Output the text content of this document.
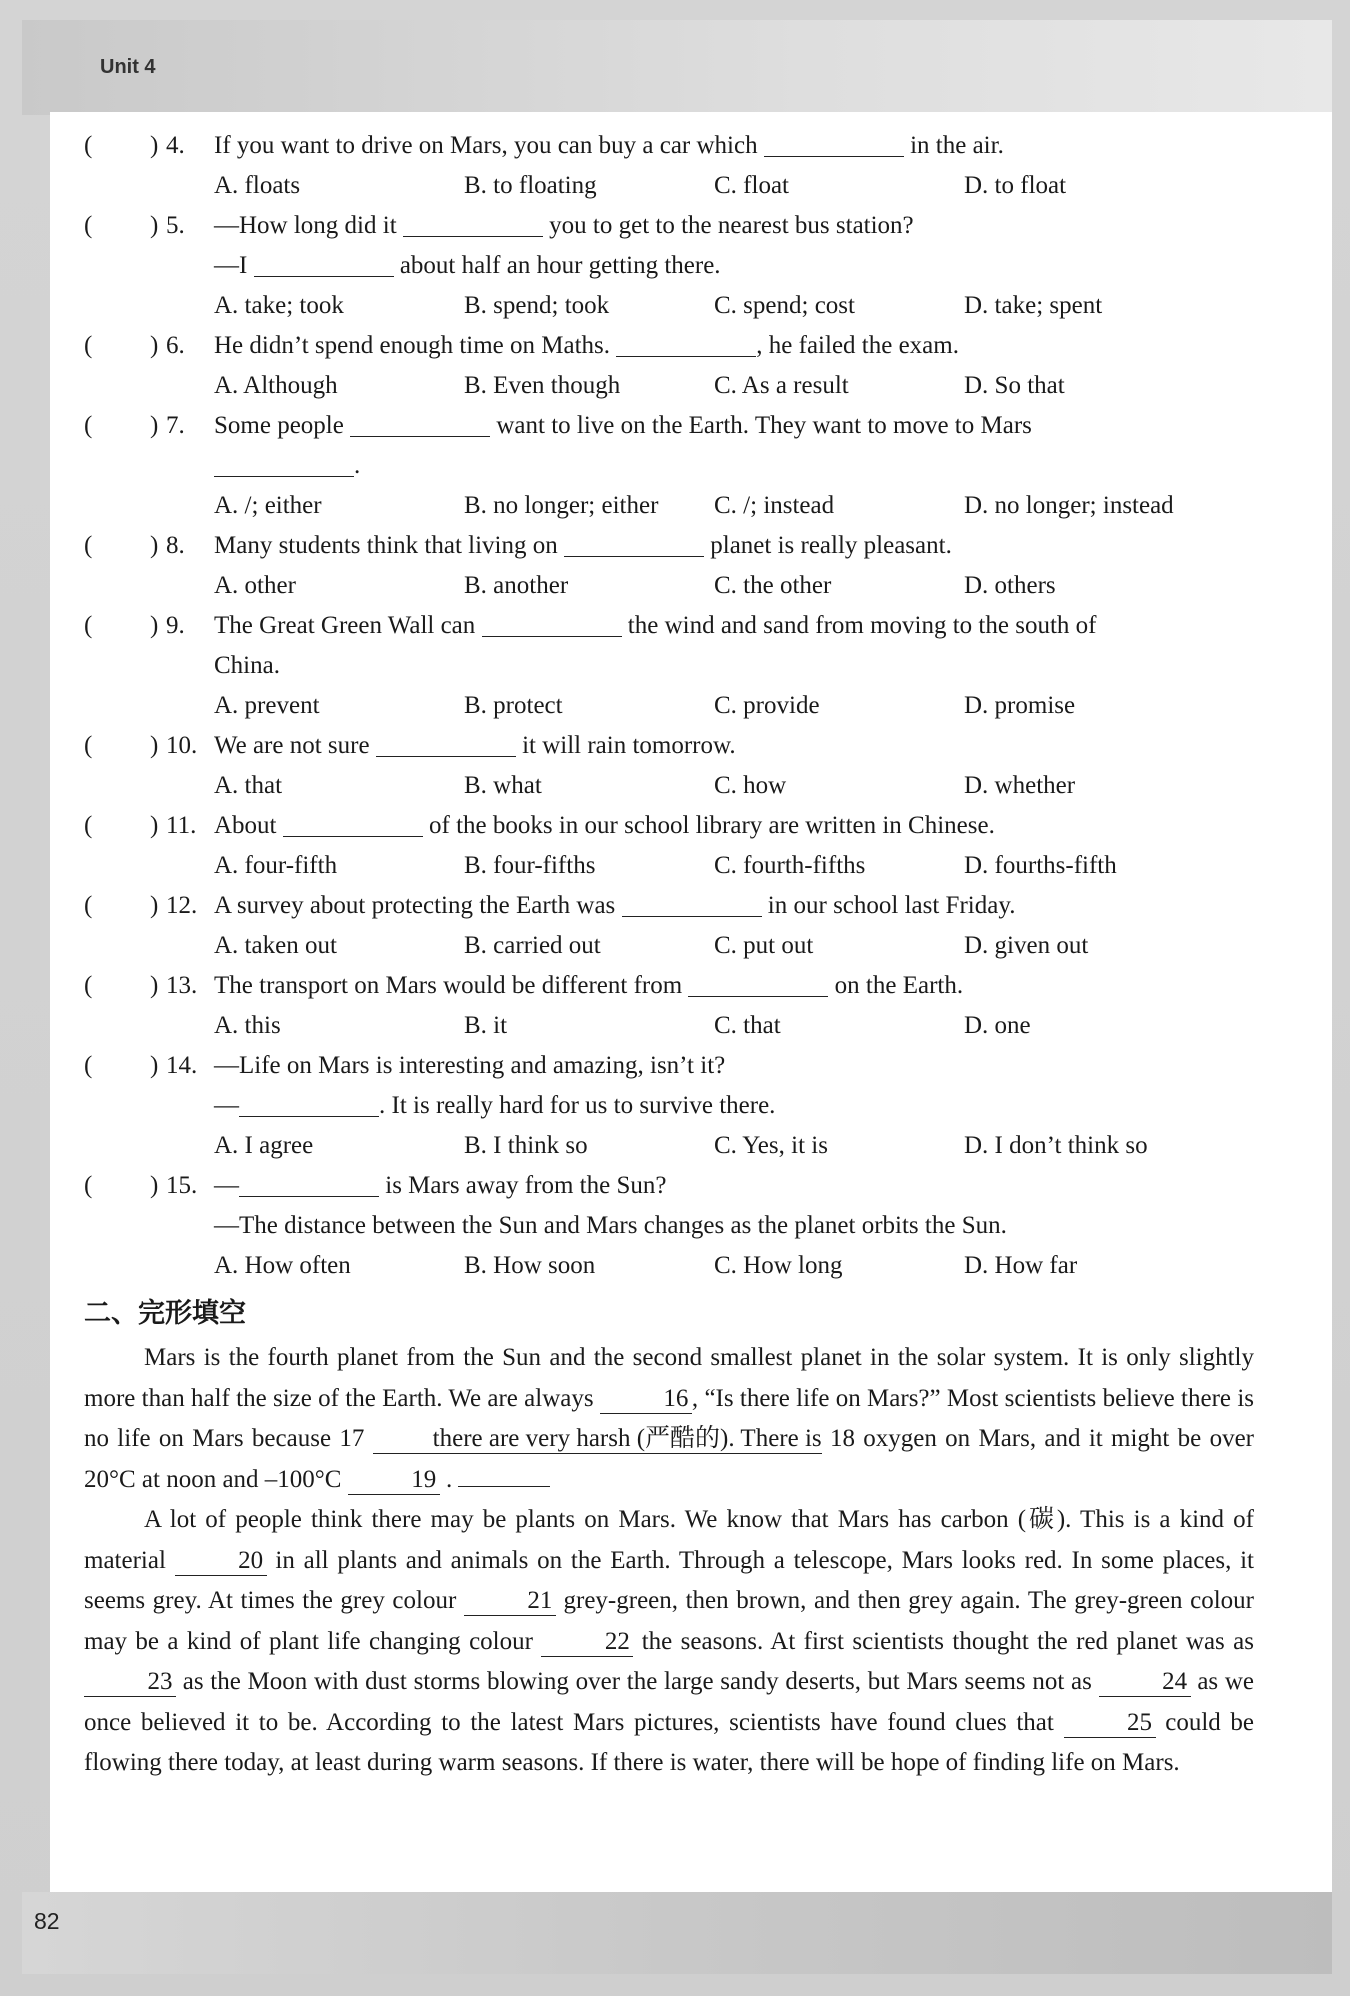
Unit 4
82
( ) 4. If you want to drive on Mars, you can buy a car which	in the air.
A. floats	B. to floating	C. float	D. to float
( ) 5. —How long did it	you to get to the nearest bus station?
—I	about half an hour getting there.
A. take; took	B. spend; took	C. spend; cost	D. take; spent
( ) 6. He didn’t spend enough time on Maths.	, he failed the exam.
A. Although	B. Even though	C. As a result	D. So that
( ) 7. Some people	want to live on the Earth. They want to move to Mars
.
A. /; either	B. no longer; either C. /; instead	D. no longer; instead
( ) 8. Many students think that living on	planet is really pleasant.
A. other	B. another	C. the other	D. others
( ) 9. The Great Green Wall can	the wind and sand from moving to the south of
China.
A. prevent	B. protect	C. provide	D. promise
( ) 10. We are not sure	it will rain tomorrow.
A. that	B. what	C. how	D. whether
( ) 11. About	of the books in our school library are written in Chinese.
A. four-fifth	B. four-fifths	C. fourth-fifths	D. fourths-fifth
( ) 12. A survey about protecting the Earth was	in our school last Friday.
A. taken out	B. carried out	C. put out	D. given out
( ) 13. The transport on Mars would be different from	on the Earth.
A. this	B. it	C. that	D. one
( ) 14. —Life on Mars is interesting and amazing, isn’t it?
—	. It is really hard for us to survive there.
A. I agree	B. I think so	C. Yes, it is	D. I don’t think so
( ) 15. —	is Mars away from the Sun?
—The distance between the Sun and Mars changes as the planet orbits the Sun.
A. How often	B. How soon	C. How long	D. How far
二、完形填空

Mars is the fourth planet from the Sun and the second smallest planet in the solar system. It is only slightly more than half the size of the Earth. We are always	16 , “Is there life on Mars?” Most scientists believe there is no life on Mars because 17	there are very harsh (严酷的). There is 18 oxygen on Mars, and it might be over 20°C at noon and –100°C	19 .

A lot of people think there may be plants on Mars. We know that Mars has carbon (碳). This is a kind of material	20 in all plants and animals on the Earth. Through a telescope, Mars looks red. In some places, it seems grey. At times the grey colour	21 grey-green, then brown, and then grey again. The grey-green colour may be a kind of plant life changing colour	22 the seasons. At first scientists thought the red planet was as 23 as the Moon with dust storms blowing over the large sandy deserts, but Mars seems not as	24 as we once believed it to be. According to the latest Mars pictures, scientists have found clues that	25 could be flowing there today, at least during warm seasons. If there is water, there will be hope of finding life on Mars.
